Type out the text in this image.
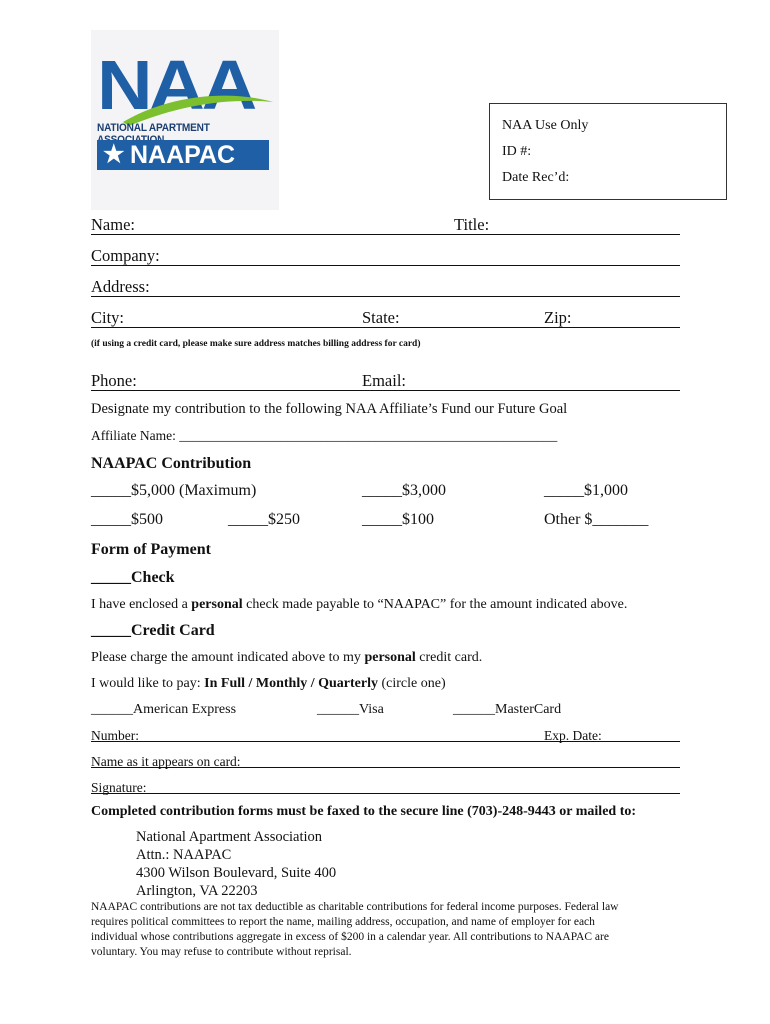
NAA
NATIONAL APARTMENT
★ NAAPAC
NAA Use Only
ID #:
Date Rec’d:
Name:	Title:
Company:
Address:
City:	State:	Zip:
(if using a credit card, please make sure address matches billing address for card)
Phone:	Email:
Designate my contribution to the following NAA Affiliate’s Fund our Future Goal
Affiliate Name: ________________________________________________________
NAAPAC Contribution
_____$5,000 (Maximum)	_____$3,000	_____$1,000
_____$500	_____$250	_____$100	Other $_______
Form of Payment
_____Check
I have enclosed a personal check made payable to “NAAPAC” for the amount indicated above.
_____Credit Card
Please charge the amount indicated above to my personal credit card.
I would like to pay: In Full / Monthly / Quarterly (circle one)
______American Express	______Visa	______MasterCard
Number:	Exp. Date:
Name as it appears on card:
Signature:
Completed contribution forms must be faxed to the secure line (703)-248-9443 or mailed to:
National Apartment Association
Attn.: NAAPAC
4300 Wilson Boulevard, Suite 400
Arlington, VA 22203
NAAPAC contributions are not tax deductible as charitable contributions for federal income purposes. Federal law
requires political committees to report the name, mailing address, occupation, and name of employer for each
individual whose contributions aggregate in excess of $200 in a calendar year. All contributions to NAAPAC are
voluntary. You may refuse to contribute without reprisal.
